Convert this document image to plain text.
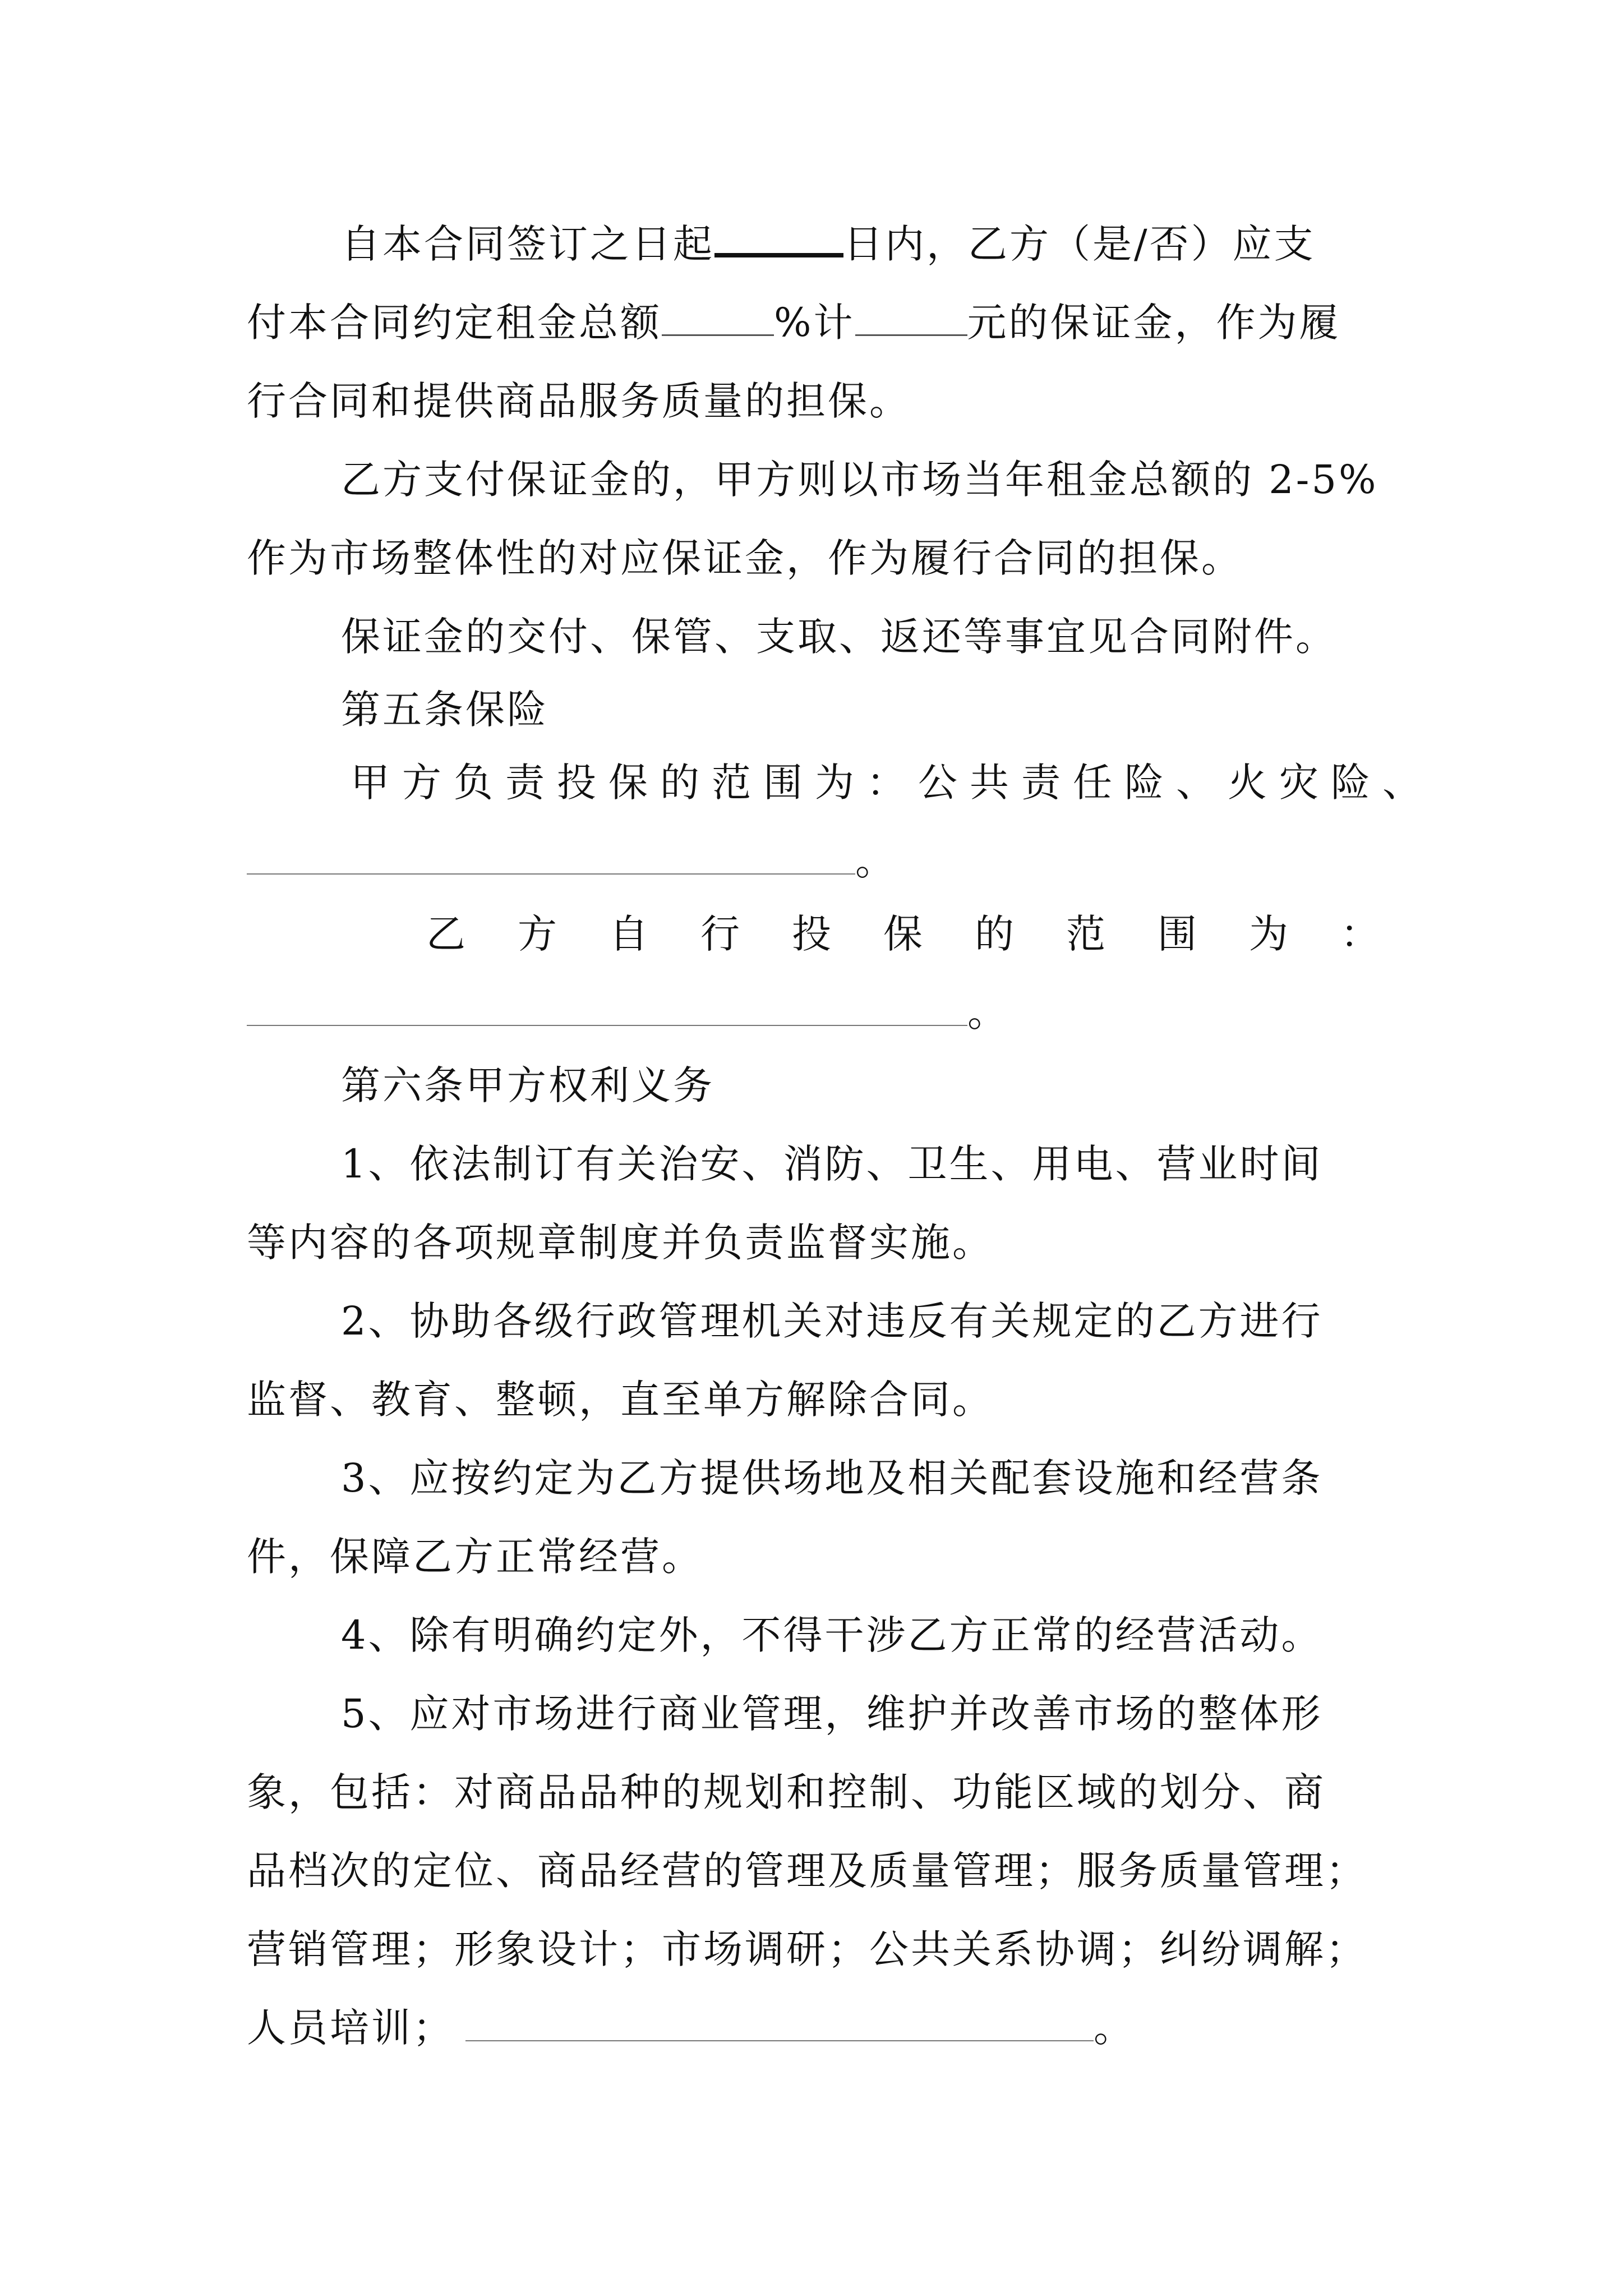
自本合同签订之日起	日内，乙方（是/否）应支
付本合同约定租金总额	%计	元的保证金，作为履
行合同和提供商品服务质量的担保。
乙方支付保证金的，甲方则以市场当年租金总额的 2-5%
作为市场整体性的对应保证金，作为履行合同的担保。
保证金的交付、保管、支取、返还等事宜见合同附件。
第五条保险
甲方负责投保的范围为：公共责任险、火灾险、
。
乙 方 自 行 投 保 的 范 围 为 ：
。
第六条甲方权利义务
1、依法制订有关治安、消防、卫生、用电、营业时间
等内容的各项规章制度并负责监督实施。
2、协助各级行政管理机关对违反有关规定的乙方进行
监督、教育、整顿，直至单方解除合同。
3、应按约定为乙方提供场地及相关配套设施和经营条
件，保障乙方正常经营。
4、除有明确约定外，不得干涉乙方正常的经营活动。
5、应对市场进行商业管理，维护并改善市场的整体形
象，包括：对商品品种的规划和控制、功能区域的划分、商
品档次的定位、商品经营的管理及质量管理；服务质量管理；
营销管理；形象设计；市场调研；公共关系协调；纠纷调解；
人员培训；	。
